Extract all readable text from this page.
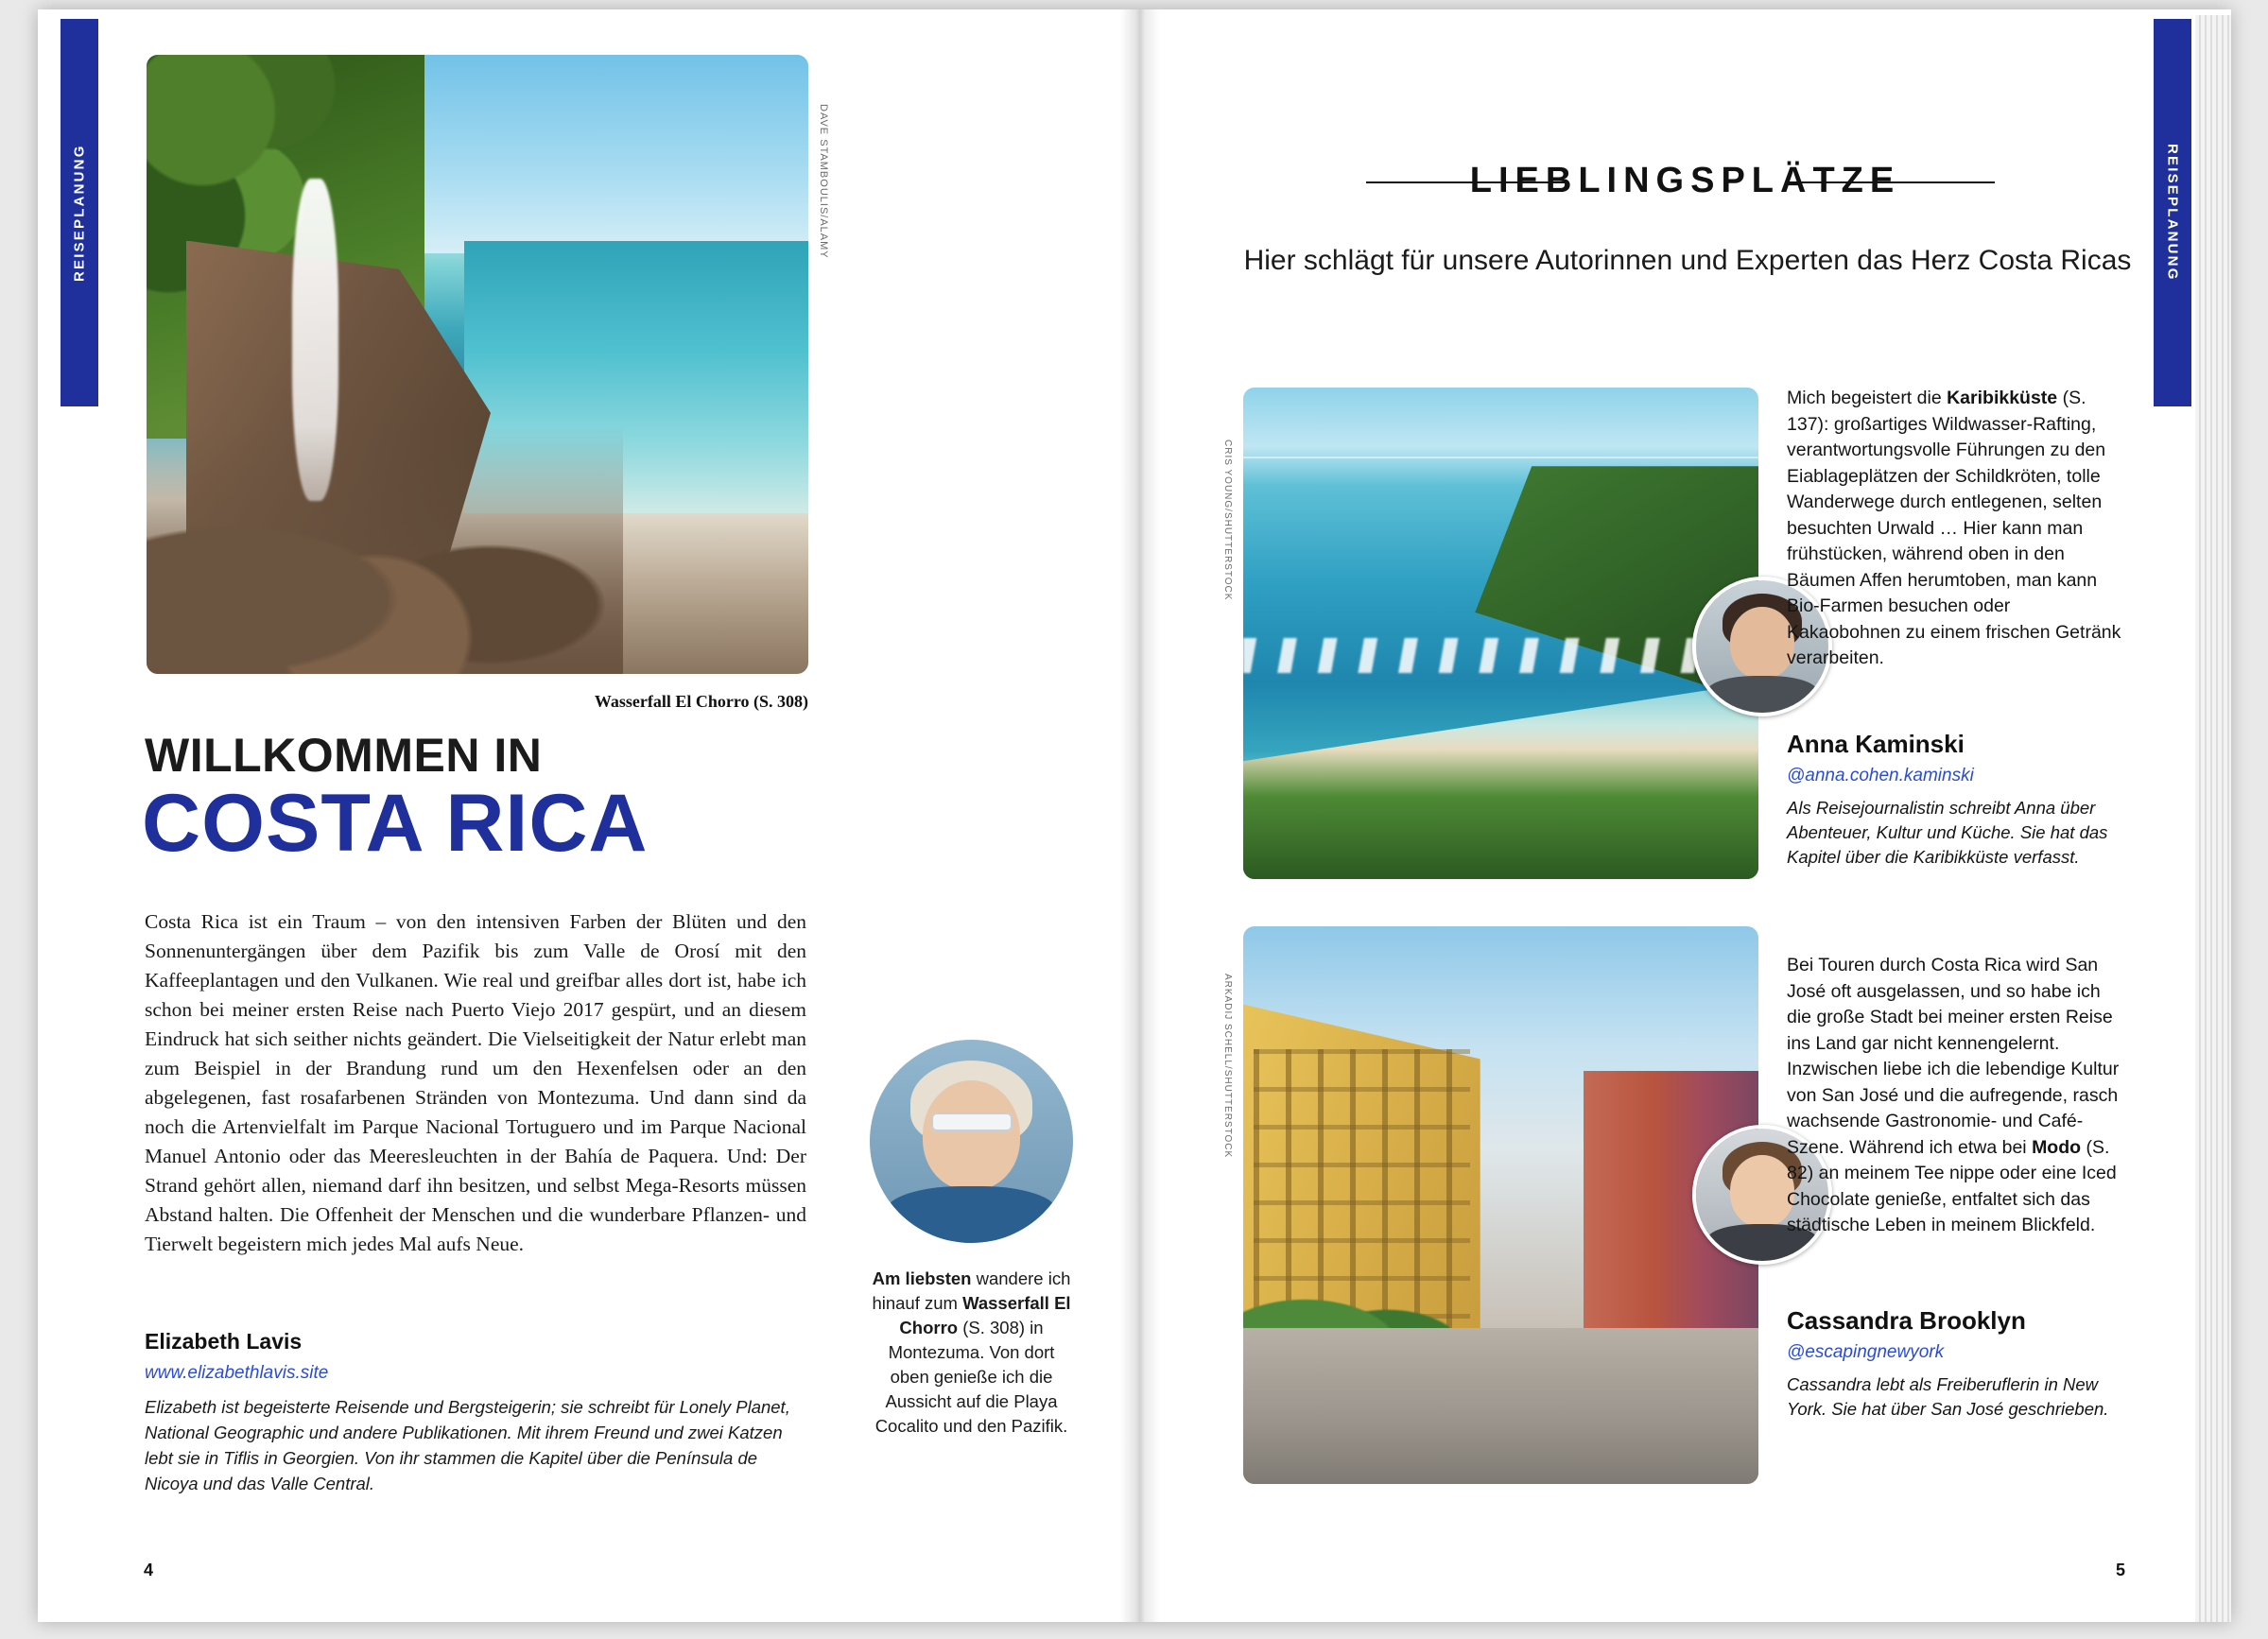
REISEPLANUNG	DAVE STAMBOULIS/ALAMY
Wasserfall El Chorro (S. 308)
WILLKOMMEN IN
COSTA RICA
Costa Rica ist ein Traum – von den intensiven Farben der Blüten und den Sonnenuntergängen über dem Pazifik bis zum Valle de Orosí mit den Kaffeeplantagen und den Vulkanen. Wie real und greifbar alles dort ist, habe ich schon bei meiner ersten Reise nach Puerto Viejo 2017 gespürt, und an diesem Eindruck hat sich seither nichts geändert. Die Vielseitigkeit der Natur erlebt man zum Beispiel in der Brandung rund um den Hexenfelsen oder an den abgelegenen, fast rosafarbenen Stränden von Montezuma. Und dann sind da noch die Artenvielfalt im Parque Nacional Tortuguero und im Parque Nacional Manuel Antonio oder das Meeresleuchten in der Bahía de Paquera. Und: Der Strand gehört allen, niemand darf ihn besitzen, und selbst Mega-Resorts müssen Abstand halten. Die Offenheit der Menschen und die wunderbare Pflanzen- und Tierwelt begeistern mich jedes Mal aufs Neue.
Elizabeth Lavis
www.elizabethlavis.site
Elizabeth ist begeisterte Reisende und Bergsteigerin; sie schreibt für Lonely Planet, National Geographic und andere Publikationen. Mit ihrem Freund und zwei Katzen lebt sie in Tiflis in Georgien. Von ihr stammen die Kapitel über die Península de Nicoya und das Valle Central.
Am liebsten wandere ich hinauf zum Wasserfall El Chorro (S. 308) in Montezuma. Von dort oben genieße ich die Aussicht auf die Playa Cocalito und den Pazifik.
4
REISEPLANUNG
LIEBLINGSPLÄTZE
Hier schlägt für unsere Autorinnen und Experten das Herz Costa Ricas
CRIS YOUNG/SHUTTERSTOCK
Mich begeistert die Karibikküste (S. 137): großartiges Wildwasser-Rafting, verantwortungsvolle Führungen zu den Eiablageplätzen der Schildkröten, tolle Wanderwege durch entlegenen, selten besuchten Urwald … Hier kann man frühstücken, während oben in den Bäumen Affen herumtoben, man kann Bio-Farmen besuchen oder Kakaobohnen zu einem frischen Getränk verarbeiten.
Anna Kaminski
@anna.cohen.kaminski
Als Reisejournalistin schreibt Anna über Abenteuer, Kultur und Küche. Sie hat das Kapitel über die Karibikküste verfasst.
ARKADIJ SCHELL/SHUTTERSTOCK
Bei Touren durch Costa Rica wird San José oft ausgelassen, und so habe ich die große Stadt bei meiner ersten Reise ins Land gar nicht kennengelernt. Inzwischen liebe ich die lebendige Kultur von San José und die aufregende, rasch wachsende Gastronomie- und Café-Szene. Während ich etwa bei Modo (S. 82) an meinem Tee nippe oder eine Iced Chocolate genieße, entfaltet sich das städtische Leben in meinem Blickfeld.
Cassandra Brooklyn
@escapingnewyork
Cassandra lebt als Freiberuflerin in New York. Sie hat über San José geschrieben.
5
